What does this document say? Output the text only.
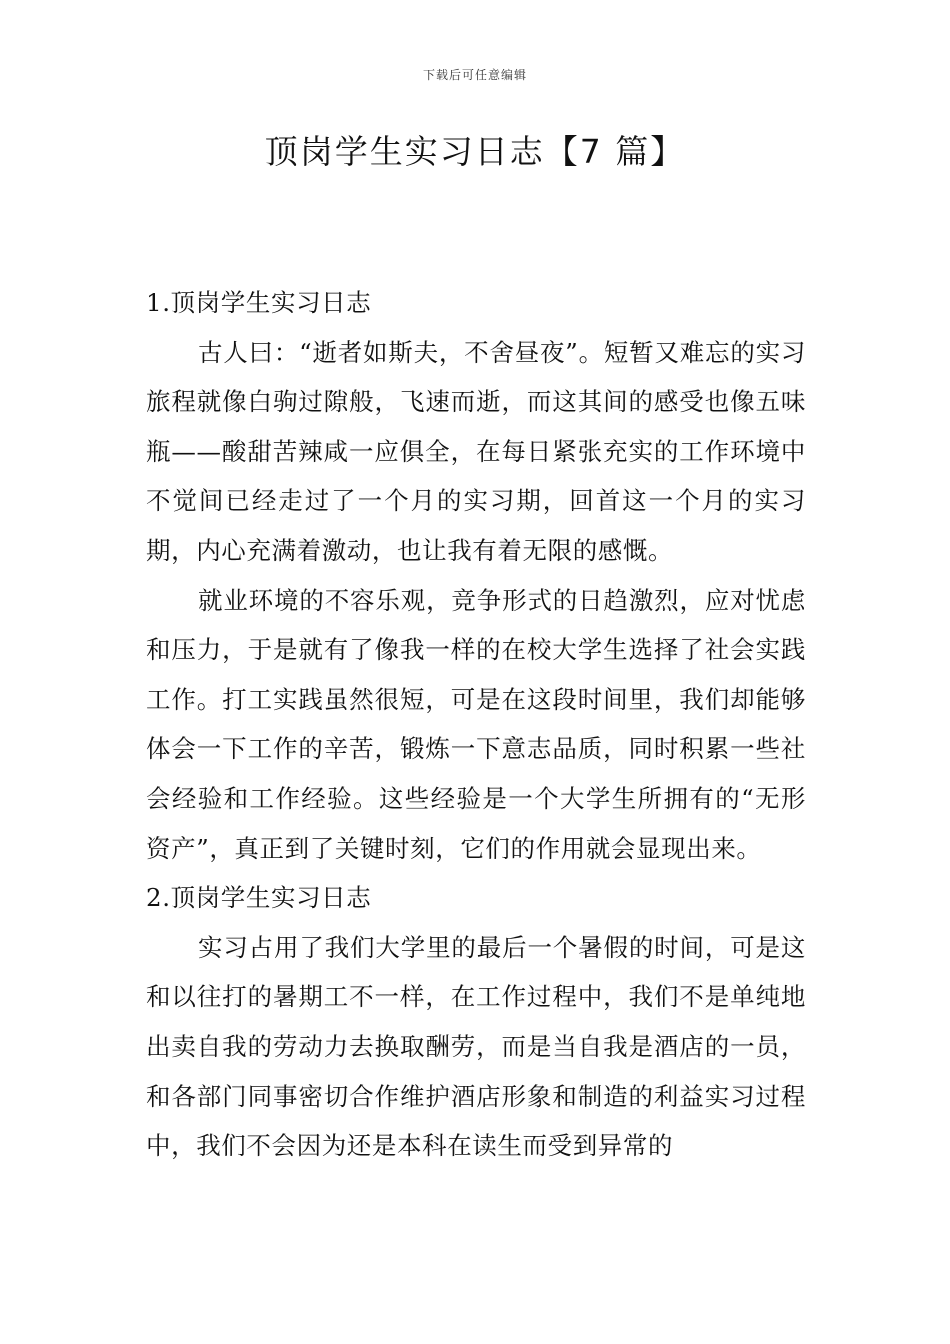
下载后可任意编辑
顶岗学生实习日志【7 篇】

1.顶岗学生实习日志

古人曰：“逝者如斯夫，不舍昼夜”。短暂又难忘的实习旅程就像白驹过隙般，飞速而逝，而这其间的感受也像五味瓶——酸甜苦辣咸一应俱全，在每日紧张充实的工作环境中不觉间已经走过了一个月的实习期，回首这一个月的实习期，内心充满着激动，也让我有着无限的感慨。

就业环境的不容乐观，竞争形式的日趋激烈，应对忧虑和压力，于是就有了像我一样的在校大学生选择了社会实践工作。打工实践虽然很短，可是在这段时间里，我们却能够体会一下工作的辛苦，锻炼一下意志品质，同时积累一些社会经验和工作经验。这些经验是一个大学生所拥有的“无形资产”，真正到了关键时刻，它们的作用就会显现出来。

2.顶岗学生实习日志

实习占用了我们大学里的最后一个暑假的时间，可是这和以往打的暑期工不一样，在工作过程中，我们不是单纯地出卖自我的劳动力去换取酬劳，而是当自我是酒店的一员，和各部门同事密切合作维护酒店形象和制造的利益实习过程中，我们不会因为还是本科在读生而受到异常的
